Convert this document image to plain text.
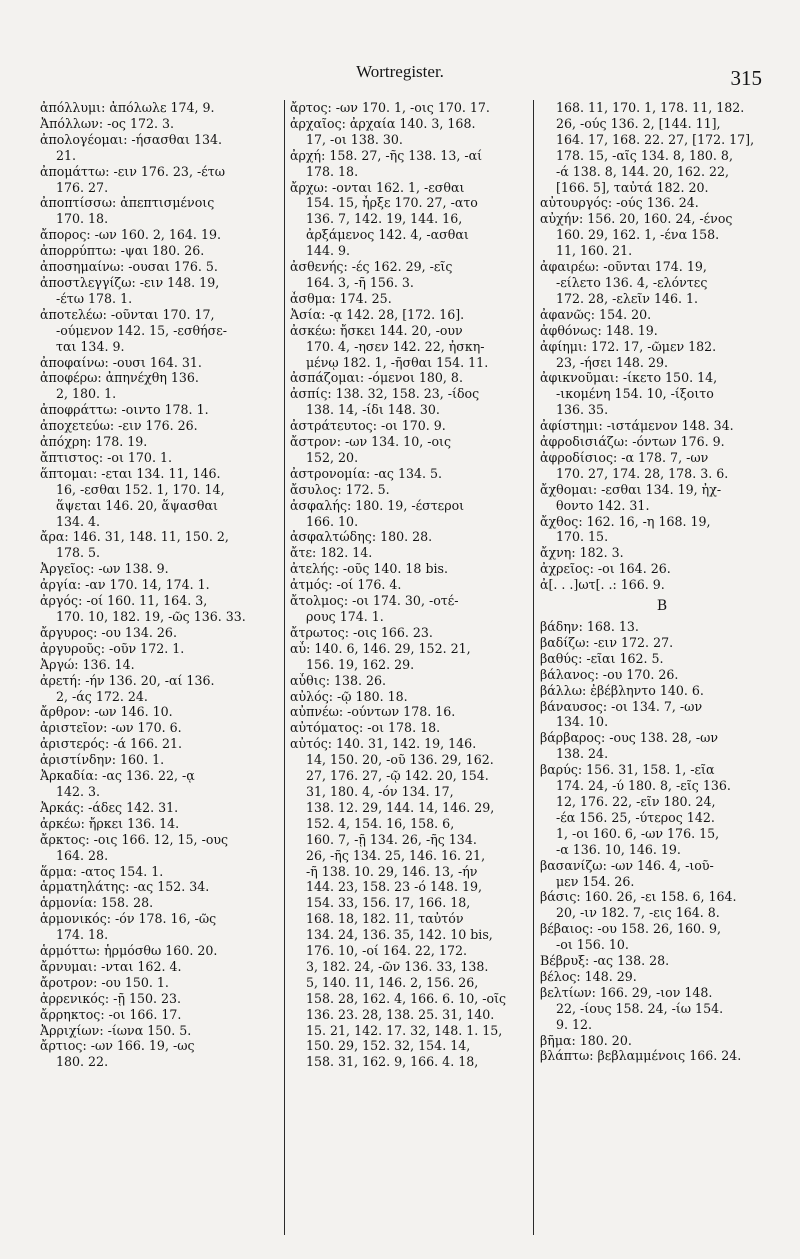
Wortregister.	315
ἀπόλλυμι: ἀπόλωλε 174, 9.
Ἀπόλλων: -ος 172. 3.
ἀπολογέομαι: -ήσασθαι 134.
21.
ἀπομάττω: -ειν 176. 23, -έτω
176. 27.
ἀποπτίσσω: ἀπεπτισμένοις
170. 18.
ἄπορος: -ων 160. 2, 164. 19.
ἀπορρύπτω: -ψαι 180. 26.
ἀποσημαίνω: -ουσαι 176. 5.
ἀποστλεγγίζω: -ειν 148. 19,
-έτω 178. 1.
ἀποτελέω: -οῦνται 170. 17,
-ούμενον 142. 15, -εσθήσε-
ται 134. 9.
ἀποφαίνω: -ουσι 164. 31.
ἀποφέρω: ἀπηνέχθη 136.
2, 180. 1.
ἀποφράττω: -οιντο 178. 1.
ἀποχετεύω: -ειν 176. 26.
ἀπόχρη: 178. 19.
ἄπτιστος: -οι 170. 1.
ἅπτομαι: -εται 134. 11, 146.
16, -εσθαι 152. 1, 170. 14,
ἅψεται 146. 20, ἅψασθαι
134. 4.
ἄρα: 146. 31, 148. 11, 150. 2,
178. 5.
Ἀργεῖος: -ων 138. 9.
ἀργία: -αν 170. 14, 174. 1.
ἀργός: -οί 160. 11, 164. 3,
170. 10, 182. 19, -ῶς 136. 33.
ἄργυρος: -ου 134. 26.
ἀργυροῦς: -οῦν 172. 1.
Ἀργώ: 136. 14.
ἀρετή: -ήν 136. 20, -αί 136.
2, -άς 172. 24.
ἄρθρον: -ων 146. 10.
ἀριστεῖον: -ων 170. 6.
ἀριστερός: -ά 166. 21.
ἀριστίνδην: 160. 1.
Ἀρκαδία: -ας 136. 22, -ᾳ
142. 3.
Ἀρκάς: -άδες 142. 31.
ἀρκέω: ἤρκει 136. 14.
ἄρκτος: -οις 166. 12, 15, -ους
164. 28.
ἅρμα: -ατος 154. 1.
ἁρματηλάτης: -ας 152. 34.
ἁρμονία: 158. 28.
ἁρμονικός: -όν 178. 16, -ῶς
174. 18.
ἁρμόττω: ἡρμόσθω 160. 20.
ἄρνυμαι: -νται 162. 4.
ἄροτρον: -ου 150. 1.
ἀρρενικός: -ῇ 150. 23.
ἄρρηκτος: -οι 166. 17.
Ἀρριχίων: -ίωνα 150. 5.
ἄρτιος: -ων 166. 19, -ως
180. 22.
ἄρτος: -ων 170. 1, -οις 170. 17.
ἀρχαῖος: ἀρχαία 140. 3, 168.
17, -οι 138. 30.
ἀρχή: 158. 27, -ῆς 138. 13, -αί
178. 18.
ἄρχω: -ονται 162. 1, -εσθαι
154. 15, ἦρξε 170. 27, -ατο
136. 7, 142. 19, 144. 16,
ἀρξάμενος 142. 4, -ασθαι
144. 9.
ἀσθενής: -ές 162. 29, -εῖς
164. 3, -ῆ 156. 3.
ἆσθμα: 174. 25.
Ἀσία: -ᾳ 142. 28, [172. 16].
ἀσκέω: ἤσκει 144. 20, -ουν
170. 4, -ησεν 142. 22, ἠσκη-
μένῳ 182. 1, -ῆσθαι 154. 11.
ἀσπάζομαι: -όμενοι 180, 8.
ἀσπίς: 138. 32, 158. 23, -ίδος
138. 14, -ίδι 148. 30.
ἀστράτευτος: -οι 170. 9.
ἄστρον: -ων 134. 10, -οις
152, 20.
ἀστρονομία: -ας 134. 5.
ἄσυλος: 172. 5.
ἀσφαλής: 180. 19, -έστεροι
166. 10.
ἀσφαλτώδης: 180. 28.
ἄτε: 182. 14.
ἀτελής: -οῦς 140. 18 bis.
ἀτμός: -οί 176. 4.
ἄτολμος: -οι 174. 30, -οτέ-
ρους 174. 1.
ἄτρωτος: -οις 166. 23.
αὖ: 140. 6, 146. 29, 152. 21,
156. 19, 162. 29.
αὖθις: 138. 26.
αὐλός: -ῷ 180. 18.
αὐπνέω: -ούντων 178. 16.
αὐτόματος: -οι 178. 18.
αὐτός: 140. 31, 142. 19, 146.
14, 150. 20, -οῦ 136. 29, 162.
27, 176. 27, -ῷ 142. 20, 154.
31, 180. 4, -όν 134. 17,
138. 12. 29, 144. 14, 146. 29,
152. 4, 154. 16, 158. 6,
160. 7, -ῇ 134. 26, -ῆς 134.
26, -ῆς 134. 25, 146. 16. 21,
-ῆ 138. 10. 29, 146. 13, -ήν
144. 23, 158. 23 -ό 148. 19,
154. 33, 156. 17, 166. 18,
168. 18, 182. 11, ταὐτόν
134. 24, 136. 35, 142. 10 bis,
176. 10, -οί 164. 22, 172.
3, 182. 24, -ῶν 136. 33, 138.
5, 140. 11, 146. 2, 156. 26,
158. 28, 162. 4, 166. 6. 10, -οῖς
136. 23. 28, 138. 25. 31, 140.
15. 21, 142. 17. 32, 148. 1. 15,
150. 29, 152. 32, 154. 14,
158. 31, 162. 9, 166. 4. 18,
168. 11, 170. 1, 178. 11, 182.
26, -ούς 136. 2, [144. 11],
164. 17, 168. 22. 27, [172. 17],
178. 15, -αῖς 134. 8, 180. 8,
-ά 138. 8, 144. 20, 162. 22,
[166. 5], ταὐτά 182. 20.
αὐτουργός: -ούς 136. 24.
αὐχήν: 156. 20, 160. 24, -ένος
160. 29, 162. 1, -ένα 158.
11, 160. 21.
ἀφαιρέω: -οῦνται 174. 19,
-είλετο 136. 4, -ελόντες
172. 28, -ελεῖν 146. 1.
ἀφανῶς: 154. 20.
ἀφθόνως: 148. 19.
ἀφίημι: 172. 17, -ῶμεν 182.
23, -ήσει 148. 29.
ἀφικνοῦμαι: -ίκετο 150. 14,
-ικομένη 154. 10, -ίξοιτο
136. 35.
ἀφίστημι: -ιστάμενον 148. 34.
ἀφροδισιάζω: -όντων 176. 9.
ἀφροδίσιος: -α 178. 7, -ων
170. 27, 174. 28, 178. 3. 6.
ἄχθομαι: -εσθαι 134. 19, ἠχ-
θοντο 142. 31.
ἄχθος: 162. 16, -η 168. 19,
170. 15.
ἄχνη: 182. 3.
ἀχρεῖος: -οι 164. 26.
ἀ[. . .]ωτ[. .: 166. 9.
Β
βάδην: 168. 13.
βαδίζω: -ειν 172. 27.
βαθύς: -εῖαι 162. 5.
βάλανος: -ου 170. 26.
βάλλω: ἐβέβληντο 140. 6.
βάναυσος: -οι 134. 7, -ων
134. 10.
βάρβαρος: -ους 138. 28, -ων
138. 24.
βαρύς: 156. 31, 158. 1, -εῖα
174. 24, -ύ 180. 8, -εῖς 136.
12, 176. 22, -εῖν 180. 24,
-έα 156. 25, -ύτερος 142.
1, -οι 160. 6, -ων 176. 15,
-α 136. 10, 146. 19.
βασανίζω: -ων 146. 4, -ιοῦ-
μεν 154. 26.
βάσις: 160. 26, -ει 158. 6, 164.
20, -ιν 182. 7, -εις 164. 8.
βέβαιος: -ου 158. 26, 160. 9,
-οι 156. 10.
Βέβρυξ: -ας 138. 28.
βέλος: 148. 29.
βελτίων: 166. 29, -ιον 148.
22, -ίους 158. 24, -ίω 154.
9. 12.
βῆμα: 180. 20.
βλάπτω: βεβλαμμένοις 166. 24.
